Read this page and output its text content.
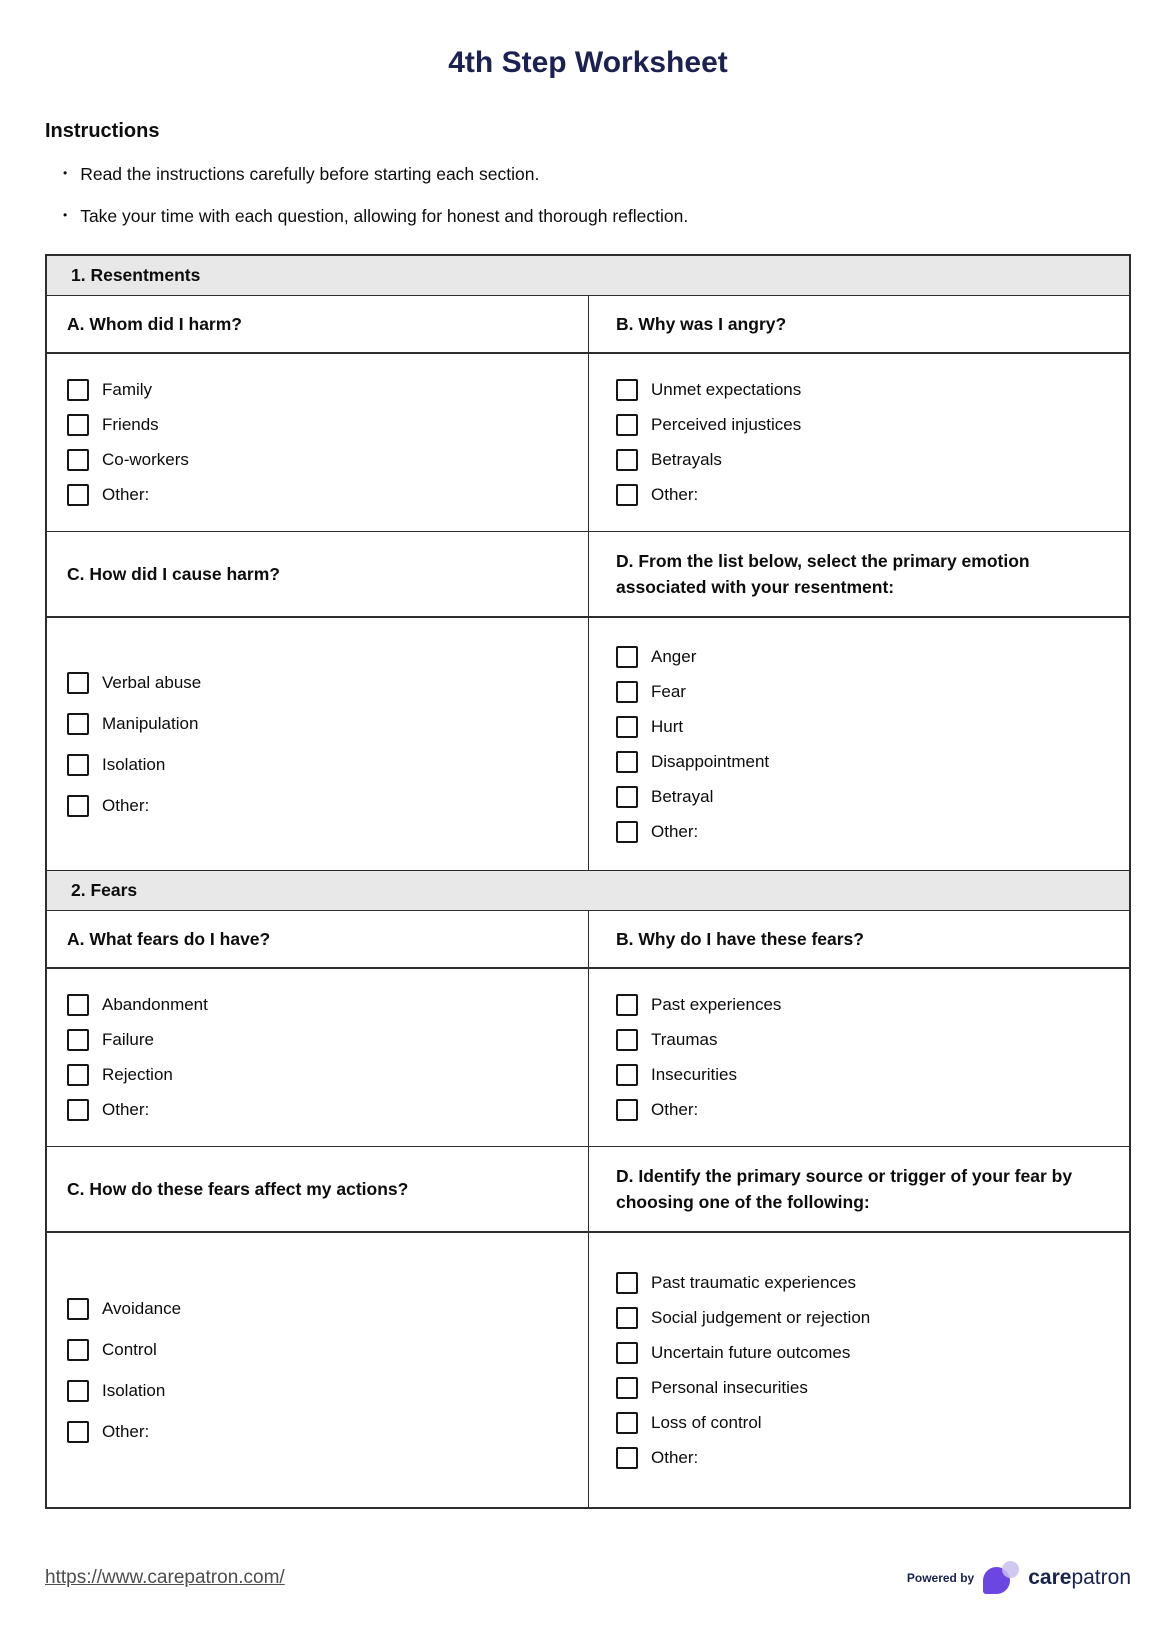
4th Step Worksheet
Instructions
• Read the instructions carefully before starting each section.
• Take your time with each question, allowing for honest and thorough reflection.
1. Resentments
A. Whom did I harm?	B. Why was I angry?
Family
Friends
Co-workers
Other:
Unmet expectations
Perceived injustices
Betrayals
Other:
C. How did I cause harm?
D. From the list below, select the primary emotion associated with your resentment:
Verbal abuse
Manipulation
Isolation
Other:
Anger
Fear
Hurt
Disappointment
Betrayal
Other:
2. Fears
A. What fears do I have?	B. Why do I have these fears?
Abandonment
Failure
Rejection
Other:
Past experiences
Traumas
Insecurities
Other:
C. How do these fears affect my actions?
D. Identify the primary source or trigger of your fear by choosing one of the following:
Avoidance
Control
Isolation
Other:
Past traumatic experiences
Social judgement or rejection
Uncertain future outcomes
Personal insecurities
Loss of control
Other:
https://www.carepatron.com/	Powered by	carepatron
